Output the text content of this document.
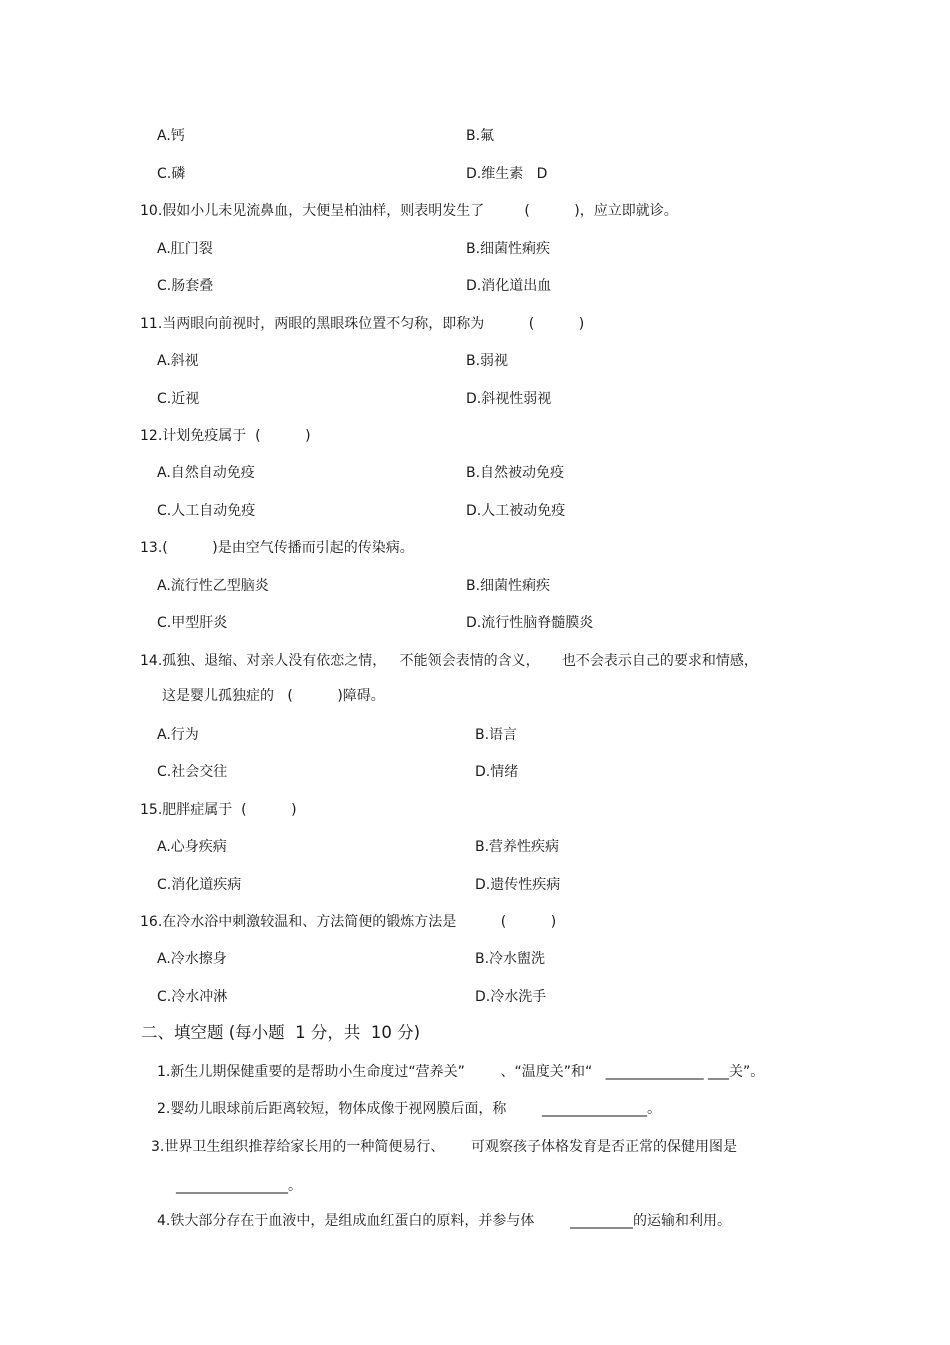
A.钙	B.氟
C.磷	D.维生素   D
10.假如小儿未见流鼻血，大便呈柏油样，则表明发生了         (          )，应立即就诊。
A.肛门裂	B.细菌性痢疾
C.肠套叠	D.消化道出血
11.当两眼向前视时，两眼的黑眼珠位置不匀称，即称为          (          )
A.斜视	B.弱视
C.近视	D.斜视性弱视
12.计划免疫属于  (          )
A.自然自动免疫	B.自然被动免疫
C.人工自动免疫	D.人工被动免疫
13.(          )是由空气传播而引起的传染病。
A.流行性乙型脑炎	B.细菌性痢疾
C.甲型肝炎	D.流行性脑脊髓膜炎
14.孤独、退缩、对亲人没有依恋之情，   不能领会表情的含义，     也不会表示自己的要求和情感，
这是婴儿孤独症的   (          )障碍。
A.行为	B.语言
C.社会交往	D.情绪
15.肥胖症属于  (          )
A.心身疾病	B.营养性疾病
C.消化道疾病	D.遗传性疾病
16.在冷水浴中刺激较温和、方法简便的锻炼方法是          (          )
A.冷水擦身	B.冷水盥洗
C.冷水冲淋	D.冷水洗手
二、填空题 (每小题  1 分，共  10 分)
1.新生儿期保健重要的是帮助小生命度过“营养关”        、“温度关”和“   ______________ ___关”。
2.婴幼儿眼球前后距离较短，物体成像于视网膜后面，称        _______________。
3.世界卫生组织推荐给家长用的一种简便易行、      可观察孩子体格发育是否正常的保健用图是
________________。
4.铁大部分存在于血液中，是组成血红蛋白的原料，并参与体        _________的运输和利用。
